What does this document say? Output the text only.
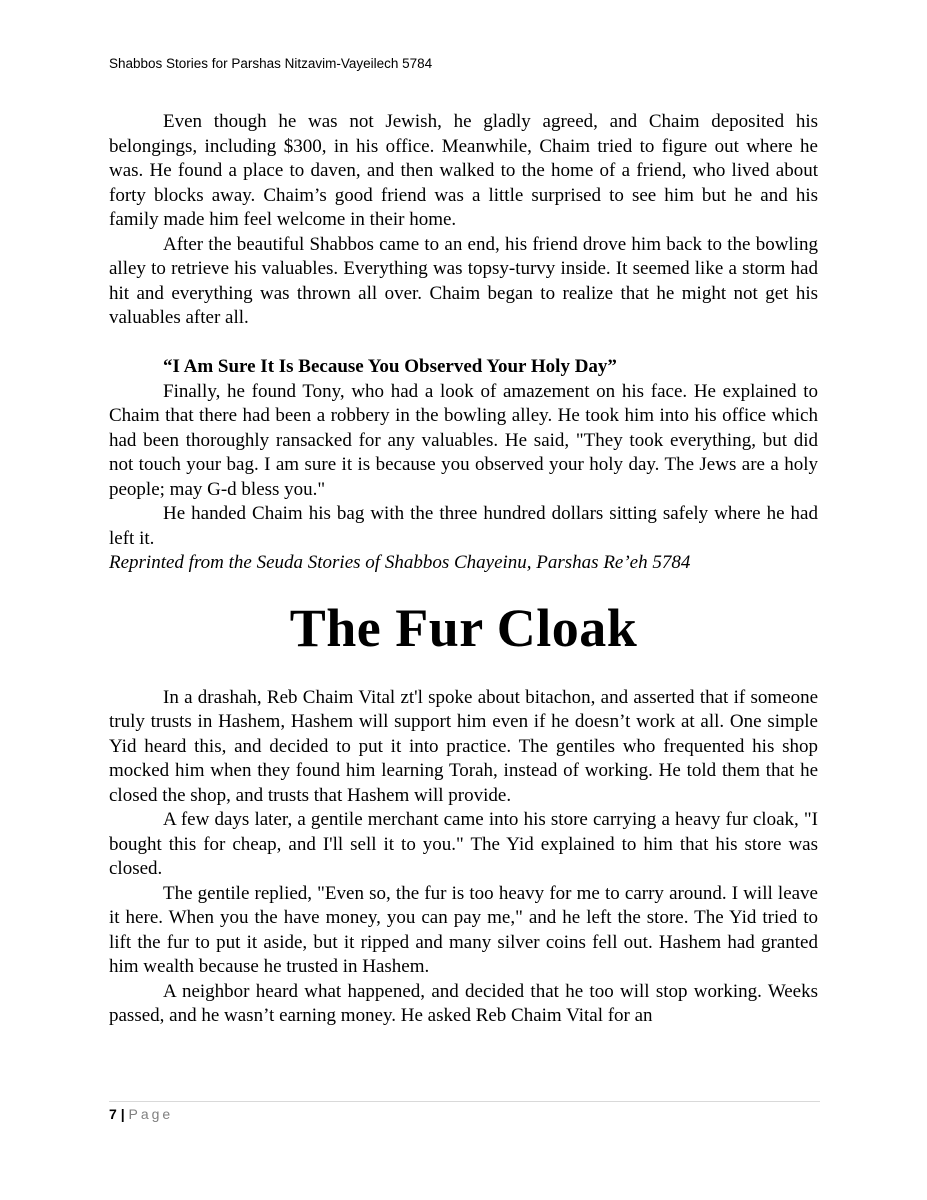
Shabbos Stories for Parshas Nitzavim-Vayeilech 5784

Even though he was not Jewish, he gladly agreed, and Chaim deposited his belongings, including $300, in his office. Meanwhile, Chaim tried to figure out where he was. He found a place to daven, and then walked to the home of a friend, who lived about forty blocks away. Chaim’s good friend was a little surprised to see him but he and his family made him feel welcome in their home.

After the beautiful Shabbos came to an end, his friend drove him back to the bowling alley to retrieve his valuables. Everything was topsy-turvy inside. It seemed like a storm had hit and everything was thrown all over. Chaim began to realize that he might not get his valuables after all.

“I Am Sure It Is Because You Observed Your Holy Day”

Finally, he found Tony, who had a look of amazement on his face. He explained to Chaim that there had been a robbery in the bowling alley. He took him into his office which had been thoroughly ransacked for any valuables. He said, "They took everything, but did not touch your bag. I am sure it is because you observed your holy day. The Jews are a holy people; may G-d bless you."

He handed Chaim his bag with the three hundred dollars sitting safely where he had left it.

Reprinted from the Seuda Stories of Shabbos Chayeinu, Parshas Re’eh 5784

The Fur Cloak

In a drashah, Reb Chaim Vital zt'l spoke about bitachon, and asserted that if someone truly trusts in Hashem, Hashem will support him even if he doesn’t work at all. One simple Yid heard this, and decided to put it into practice. The gentiles who frequented his shop mocked him when they found him learning Torah, instead of working. He told them that he closed the shop, and trusts that Hashem will provide.

A few days later, a gentile merchant came into his store carrying a heavy fur cloak, "I bought this for cheap, and I'll sell it to you." The Yid explained to him that his store was closed.

The gentile replied, "Even so, the fur is too heavy for me to carry around. I will leave it here. When you the have money, you can pay me," and he left the store. The Yid tried to lift the fur to put it aside, but it ripped and many silver coins fell out. Hashem had granted him wealth because he trusted in Hashem.

A neighbor heard what happened, and decided that he too will stop working. Weeks passed, and he wasn’t earning money. He asked Reb Chaim Vital for an

7 | Page
